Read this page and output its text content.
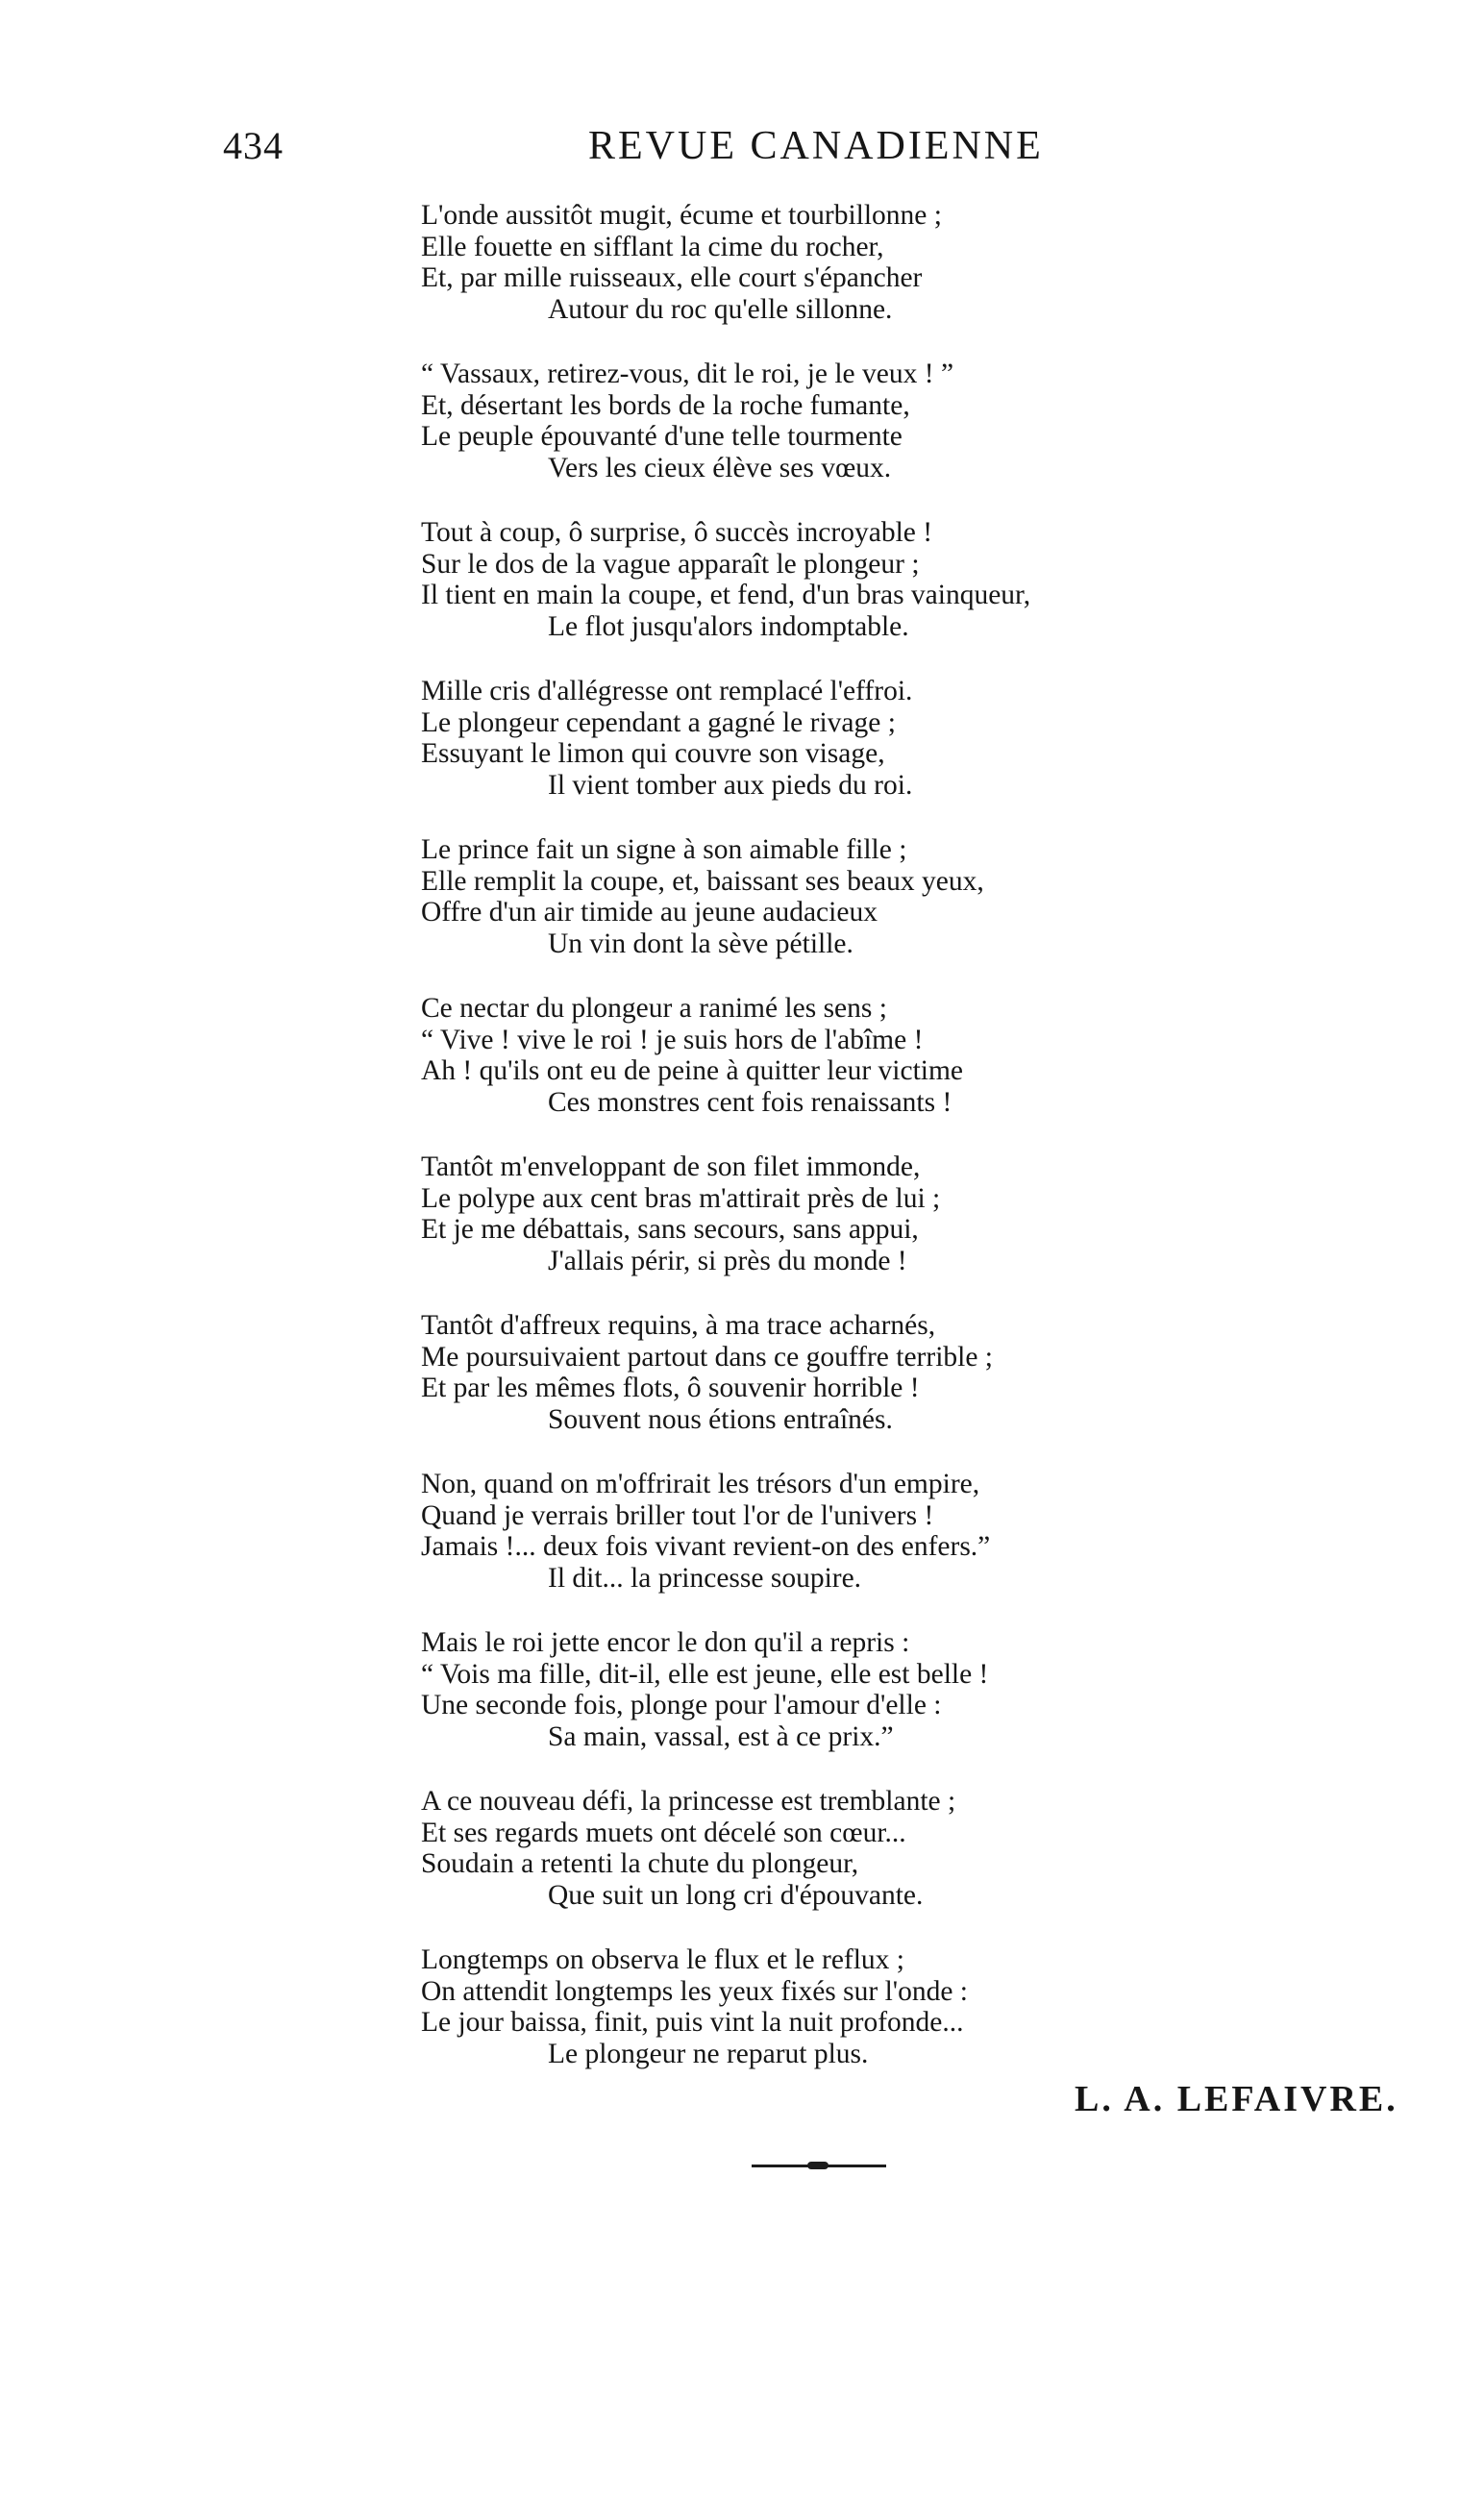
434	REVUE CANADIENNE
L'onde aussitôt mugit, écume et tourbillonne ;
Elle fouette en sifflant la cime du rocher,
Et, par mille ruisseaux, elle court s'épancher
Autour du roc qu'elle sillonne.
“ Vassaux, retirez-vous, dit le roi, je le veux ! ”
Et, désertant les bords de la roche fumante,
Le peuple épouvanté d'une telle tourmente
Vers les cieux élève ses vœux.
Tout à coup, ô surprise, ô succès incroyable !
Sur le dos de la vague apparaît le plongeur ;
Il tient en main la coupe, et fend, d'un bras vainqueur,
Le flot jusqu'alors indomptable.
Mille cris d'allégresse ont remplacé l'effroi.
Le plongeur cependant a gagné le rivage ;
Essuyant le limon qui couvre son visage,
Il vient tomber aux pieds du roi.
Le prince fait un signe à son aimable fille ;
Elle remplit la coupe, et, baissant ses beaux yeux,
Offre d'un air timide au jeune audacieux
Un vin dont la sève pétille.
Ce nectar du plongeur a ranimé les sens ;
“ Vive ! vive le roi ! je suis hors de l'abîme !
Ah ! qu'ils ont eu de peine à quitter leur victime
Ces monstres cent fois renaissants !
Tantôt m'enveloppant de son filet immonde,
Le polype aux cent bras m'attirait près de lui ;
Et je me débattais, sans secours, sans appui,
J'allais périr, si près du monde !
Tantôt d'affreux requins, à ma trace acharnés,
Me poursuivaient partout dans ce gouffre terrible ;
Et par les mêmes flots, ô souvenir horrible !
Souvent nous étions entraînés.
Non, quand on m'offrirait les trésors d'un empire,
Quand je verrais briller tout l'or de l'univers !
Jamais !... deux fois vivant revient-on des enfers.”
Il dit... la princesse soupire.
Mais le roi jette encor le don qu'il a repris :
“ Vois ma fille, dit-il, elle est jeune, elle est belle !
Une seconde fois, plonge pour l'amour d'elle :
Sa main, vassal, est à ce prix.”
A ce nouveau défi, la princesse est tremblante ;
Et ses regards muets ont décelé son cœur...
Soudain a retenti la chute du plongeur,
Que suit un long cri d'épouvante.
Longtemps on observa le flux et le reflux ;
On attendit longtemps les yeux fixés sur l'onde :
Le jour baissa, finit, puis vint la nuit profonde...
Le plongeur ne reparut plus.
L. A. LEFAIVRE.
